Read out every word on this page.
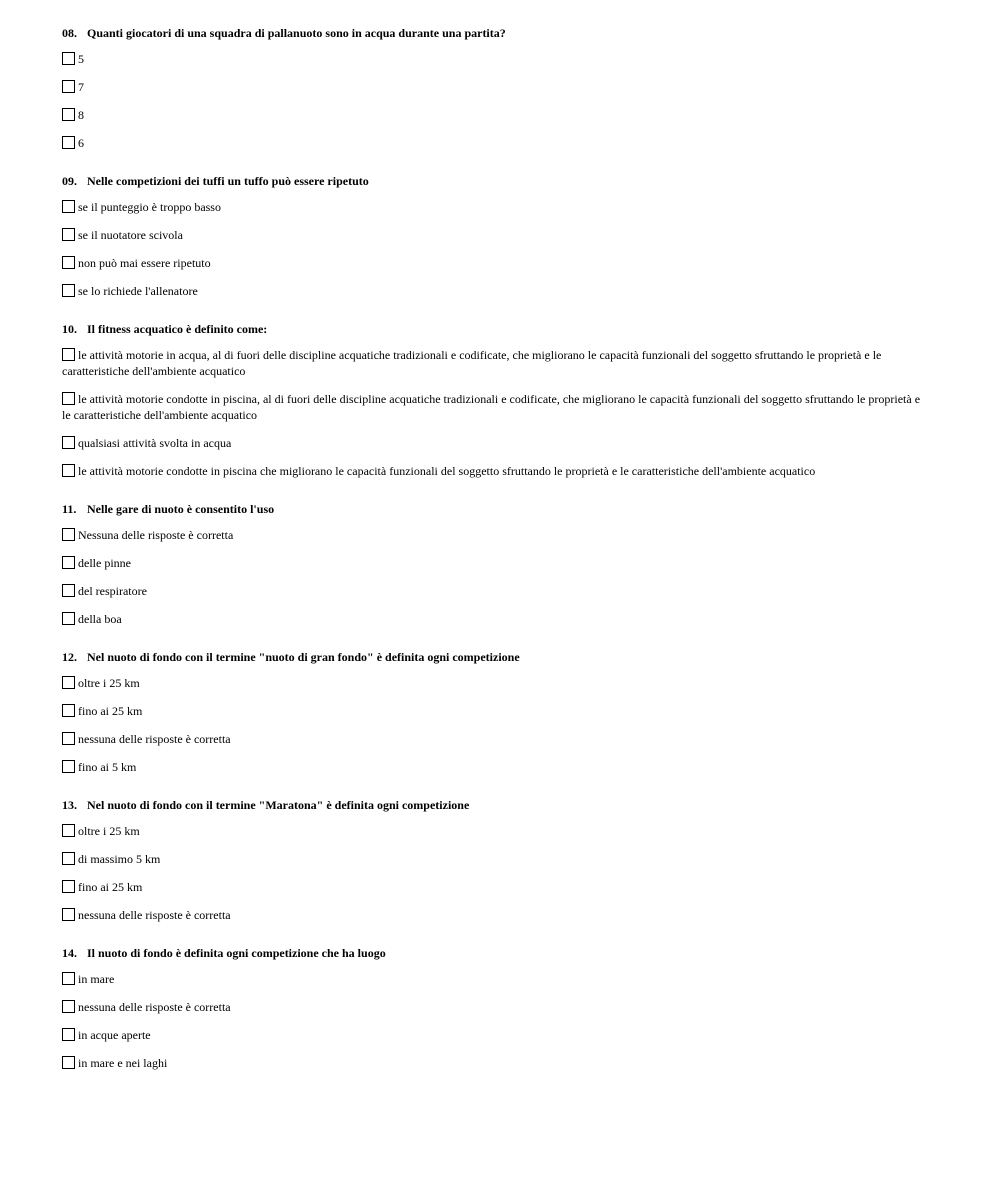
08. Quanti giocatori di una squadra di pallanuoto sono in acqua durante una partita?
5
7
8
6
09. Nelle competizioni dei tuffi un tuffo può essere ripetuto
se il punteggio è troppo basso
se il nuotatore scivola
non può mai essere ripetuto
se lo richiede l'allenatore
10. Il fitness acquatico è definito come:
le attività motorie in acqua, al di fuori delle discipline acquatiche tradizionali e codificate, che migliorano le capacità funzionali del soggetto sfruttando le proprietà e le caratteristiche dell'ambiente acquatico
le attività motorie condotte in piscina, al di fuori delle discipline acquatiche tradizionali e codificate, che migliorano le capacità funzionali del soggetto sfruttando le proprietà e le caratteristiche dell'ambiente acquatico
qualsiasi attività svolta in acqua
le attività motorie condotte in piscina che migliorano le capacità funzionali del soggetto sfruttando le proprietà e le caratteristiche dell'ambiente acquatico
11. Nelle gare di nuoto è consentito l'uso
Nessuna delle risposte è corretta
delle pinne
del respiratore
della boa
12. Nel nuoto di fondo con il termine "nuoto di gran fondo" è definita ogni competizione
oltre i 25 km
fino ai 25 km
nessuna delle risposte è corretta
fino ai 5 km
13. Nel nuoto di fondo con il termine "Maratona" è definita ogni competizione
oltre i 25 km
di massimo 5 km
fino ai 25 km
nessuna delle risposte è corretta
14. Il nuoto di fondo è definita ogni competizione che ha luogo
in mare
nessuna delle risposte è corretta
in acque aperte
in mare e nei laghi
